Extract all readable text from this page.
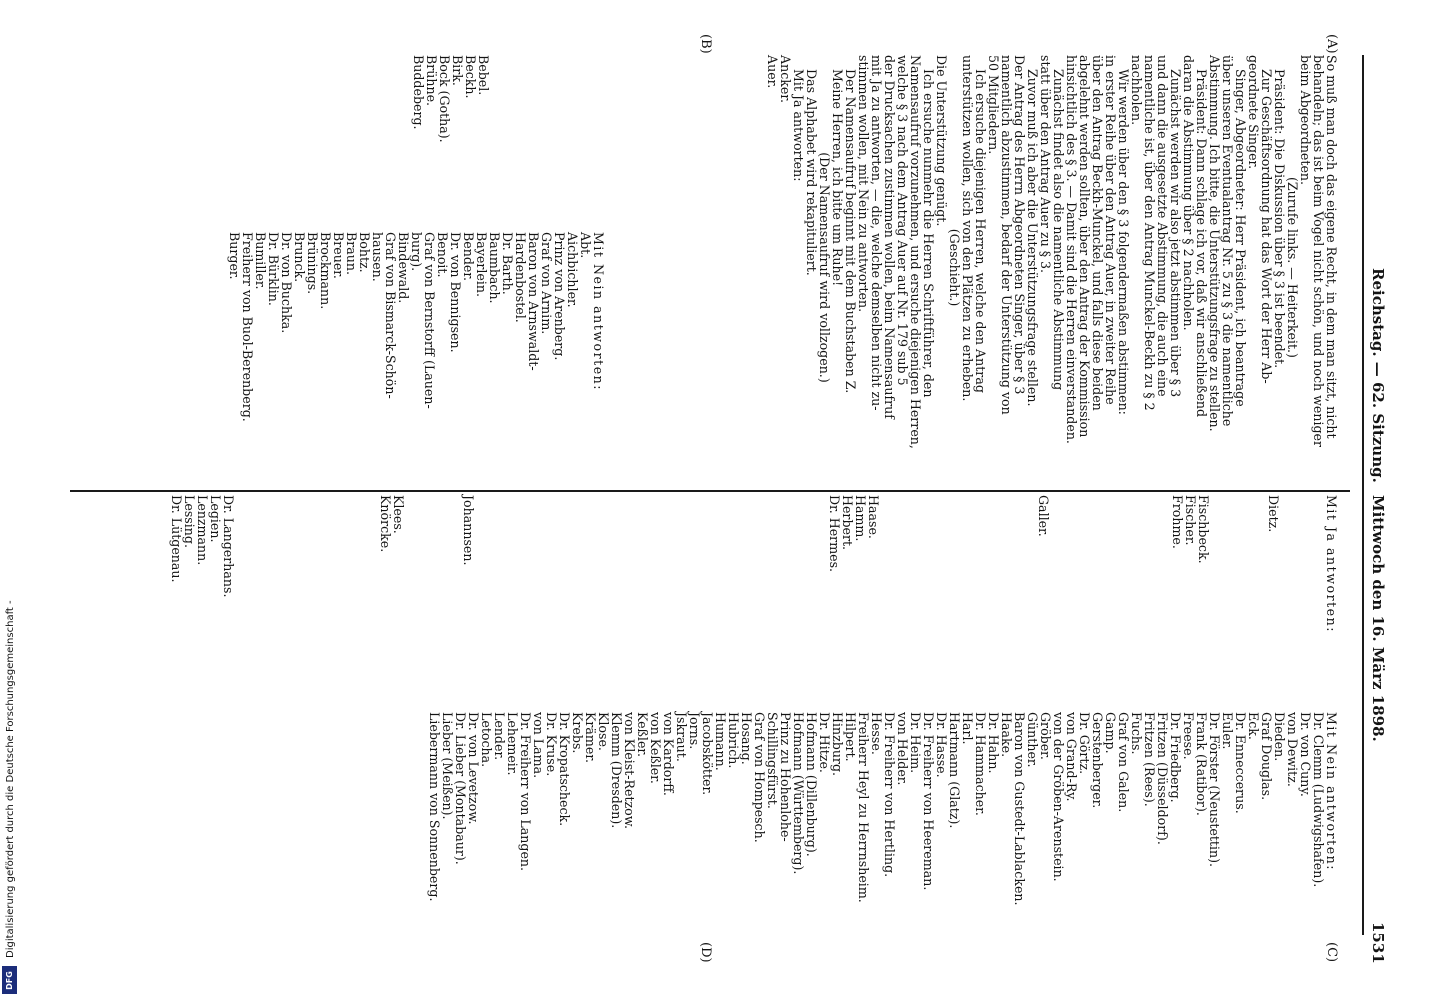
Reichstag. — 62. Sitzung.
Mittwoch den 16. März 1898.
1531
(A)
(B)
(C)
(D)
So muß man doch das eigene Recht, in dem man sitzt, nicht
behandeln; das ist beim Vogel nicht schön, und noch weniger
beim Abgeordneten.
(Zurufe links. — Heiterkeit.)
Präsident: Die Diskussion über § 3 ist beendet.
Zur Geschäftsordnung hat das Wort der Herr Ab-
geordnete Singer.
Singer, Abgeordneter: Herr Präsident, ich beantrage
über unseren Eventualantrag Nr. 5 zu § 3 die namentliche
Abstimmung. Ich bitte, die Unterstützungsfrage zu stellen.
Präsident: Dann schlage ich vor, daß wir anschließend
daran die Abstimmung über § 2 nachholen.
Zunächst werden wir also jetzt abstimmen über § 3
und dann die ausgesetzte Abstimmung, die auch eine
namentliche ist, über den Antrag Munckel-Beckh zu § 2
nachholen.
Wir werden über den § 3 folgendermaßen abstimmen:
in erster Reihe über den Antrag Auer, in zweiter Reihe
über den Antrag Beckh-Munckel, und falls diese beiden
abgelehnt werden sollten, über den Antrag der Kommission
hinsichtlich des § 3. — Damit sind die Herren einverstanden.
Zunächst findet also die namentliche Abstimmung
statt über den Antrag Auer zu § 3.
Zuvor muß ich aber die Unterstützungsfrage stellen.
Der Antrag des Herrn Abgeordneten Singer, über § 3
namentlich abzustimmen, bedarf der Unterstützung von
50 Mitgliedern.
Ich ersuche diejenigen Herren, welche den Antrag
unterstützen wollen, sich von den Plätzen zu erheben.
(Geschieht.)
Die Unterstützung genügt.
Ich ersuche nunmehr die Herren Schriftführer, den
Namensaufruf vorzunehmen, und ersuche diejenigen Herren,
welche § 3 nach dem Antrag Auer auf Nr. 179 sub 5
der Drucksachen zustimmen wollen, beim Namensaufruf
mit Ja zu antworten, — die, welche demselben nicht zu-
stimmen wollen, mit Nein zu antworten.
Der Namensaufruf beginnt mit dem Buchstaben Z.
Meine Herren, ich bitte um Ruhe!
(Der Namensaufruf wird vollzogen.)
Das Alphabet wird rekapituliert.
Mit Ja antworten:
Ancker.
Auer.
Bebel.
Beckh.
Birk.
Bock (Gotha).
Brühne.
Buddeberg.
Mit Nein antworten:
Abt.
Aichbichler.
Prinz von Arenberg.
Graf von Arnim.
Baron von Arnswaldt-
Hardenbostel.
Dr. Barth.
Baumbach.
Bayerlein.
Bender.
Dr. von Bennigsen.
Benoit.
Graf von Bernstorff (Lauen-
burg).
Bindewald.
Graf von Bismarck-Schön-
hausen.
Bohtz.
Braun.
Breuer.
Brockmann.
Brünings.
Brunck.
Dr. von Buchka.
Dr. Bürklin.
Bumiller.
Freiherr von Buol-Berenberg.
Burger.
Mit Ja antworten:
Dietz.
Fischbeck.
Fischer.
Frohme.
Galler.
Haase.
Hamm.
Herbert.
Dr. Hermes.
Johannsen.
Klees.
Knörcke.
Dr. Langerhans.
Legien.
Lenzmann.
Lessing.
Dr. Lütgenau.
Mit Nein antworten:
Dr. Clemm (Ludwigshafen).
Dr. von Cuny.
von Dewitz.
Dieden.
Graf Douglas.
Eck.
Dr. Enneccerus.
Euler.
Dr. Förster (Neustettin).
Frank (Ratibor).
Freese.
Dr. Friedberg.
Fritzen (Düsseldorf).
Fritzen (Rees).
Fuchs.
Graf von Galen.
Gamp.
Gerstenberger.
Dr. Görtz.
von Grand-Ry.
von der Gröben-Arenstein.
Gröber.
Günther.
Baron von Gustedt-Lablacken.
Haake.
Dr. Hahn.
Dr. Hammacher.
Harl.
Hartmann (Glatz).
Dr. Hasse.
Dr. Freiherr von Heereman.
Dr. Heim.
von Helder.
Dr. Freiherr von Hertling.
Hesse.
Freiherr Heyl zu Herrnsheim.
Hilpert.
Hinzburg.
Dr. Hitze.
Hofmann (Dillenburg).
Hofmann (Württemberg).
Prinz zu Hohenlohe-
Schillingsfürst.
Graf von Hompesch.
Hosang.
Hubrich.
Humann.
Jacobskötter.
Jorns.
Jskraut.
von Kardorff.
von Keßler.
Keßler.
von Kleist-Retzow.
Klemm (Dresden).
Klose.
Krämer.
Krebs.
Dr. Kropatscheck.
Dr. Kruse.
von Lama.
Dr. Freiherr von Langen.
Lehemeir.
Lender.
Letocha.
Dr. von Levetzow.
Dr. Lieber (Montabaur).
Lieber (Meißen).
Liebermann von Sonnenberg.
Digitalisierung gefördert durch die Deutsche Forschungsgemeinschaft -
DFG
